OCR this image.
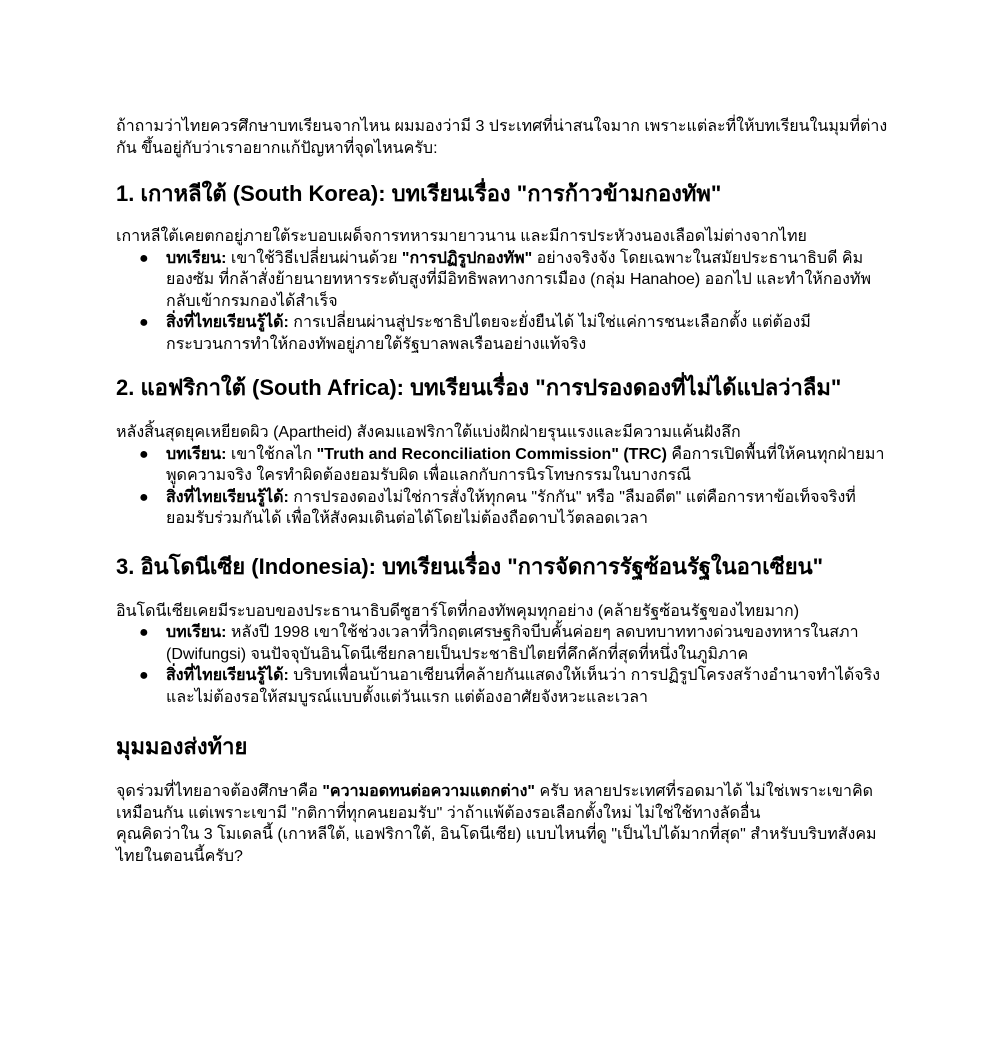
ถ้าถามว่าไทยควรศึกษาบทเรียนจากไหน ผมมองว่ามี 3 ประเทศที่น่าสนใจมาก เพราะแต่ละที่ให้บทเรียนในมุมที่ต่างกัน ขึ้นอยู่กับว่าเราอยากแก้ปัญหาที่จุดไหนครับ:

1. เกาหลีใต้ (South Korea): บทเรียนเรื่อง "การก้าวข้ามกองทัพ"

เกาหลีใต้เคยตกอยู่ภายใต้ระบอบเผด็จการทหารมายาวนาน และมีการประหัวงนองเลือดไม่ต่างจากไทย

● บทเรียน: เขาใช้วิธีเปลี่ยนผ่านด้วย "การปฏิรูปกองทัพ" อย่างจริงจัง โดยเฉพาะในสมัยประธานาธิบดี คิม ยองซัม ที่กล้าสั่งย้ายนายทหารระดับสูงที่มีอิทธิพลทางการเมือง (กลุ่ม Hanahoe) ออกไป และทำให้กองทัพกลับเข้ากรมกองได้สำเร็จ
● สิ่งที่ไทยเรียนรู้ได้: การเปลี่ยนผ่านสู่ประชาธิปไตยจะยั่งยืนได้ ไม่ใช่แค่การชนะเลือกตั้ง แต่ต้องมีกระบวนการทำให้กองทัพอยู่ภายใต้รัฐบาลพลเรือนอย่างแท้จริง
2. แอฟริกาใต้ (South Africa): บทเรียนเรื่อง "การปรองดองที่ไม่ได้แปลว่าลืม"

หลังสิ้นสุดยุคเหยียดผิว (Apartheid) สังคมแอฟริกาใต้แบ่งฝักฝ่ายรุนแรงและมีความแค้นฝังลึก

● บทเรียน: เขาใช้กลไก "Truth and Reconciliation Commission" (TRC) คือการเปิดพื้นที่ให้คนทุกฝ่ายมาพูดความจริง ใครทำผิดต้องยอมรับผิด เพื่อแลกกับการนิรโทษกรรมในบางกรณี
● สิ่งที่ไทยเรียนรู้ได้: การปรองดองไม่ใช่การสั่งให้ทุกคน "รักกัน" หรือ "ลืมอดีต" แต่คือการหาข้อเท็จจริงที่ยอมรับร่วมกันได้ เพื่อให้สังคมเดินต่อได้โดยไม่ต้องถือดาบไว้ตลอดเวลา
3. อินโดนีเซีย (Indonesia): บทเรียนเรื่อง "การจัดการรัฐซ้อนรัฐในอาเซียน"

อินโดนีเซียเคยมีระบอบของประธานาธิบดีซูฮาร์โตที่กองทัพคุมทุกอย่าง (คล้ายรัฐซ้อนรัฐของไทยมาก)

● บทเรียน: หลังปี 1998 เขาใช้ช่วงเวลาที่วิกฤตเศรษฐกิจบีบคั้นค่อยๆ ลดบทบาททางด่วนของทหารในสภา (Dwifungsi) จนปัจจุบันอินโดนีเซียกลายเป็นประชาธิปไตยที่คึกคักที่สุดที่หนึ่งในภูมิภาค
● สิ่งที่ไทยเรียนรู้ได้: บริบทเพื่อนบ้านอาเซียนที่คล้ายกันแสดงให้เห็นว่า การปฏิรูปโครงสร้างอำนาจทำได้จริง และไม่ต้องรอให้สมบูรณ์แบบตั้งแต่วันแรก แต่ต้องอาศัยจังหวะและเวลา
มุมมองส่งท้าย

จุดร่วมที่ไทยอาจต้องศึกษาคือ "ความอดทนต่อความแตกต่าง" ครับ หลายประเทศที่รอดมาได้ ไม่ใช่เพราะเขาคิดเหมือนกัน แต่เพราะเขามี "กติกาที่ทุกคนยอมรับ" ว่าถ้าแพ้ต้องรอเลือกตั้งใหม่ ไม่ใช่ใช้ทางลัดอื่น

คุณคิดว่าใน 3 โมเดลนี้ (เกาหลีใต้, แอฟริกาใต้, อินโดนีเซีย) แบบไหนที่ดู "เป็นไปได้มากที่สุด" สำหรับบริบทสังคมไทยในตอนนี้ครับ?
